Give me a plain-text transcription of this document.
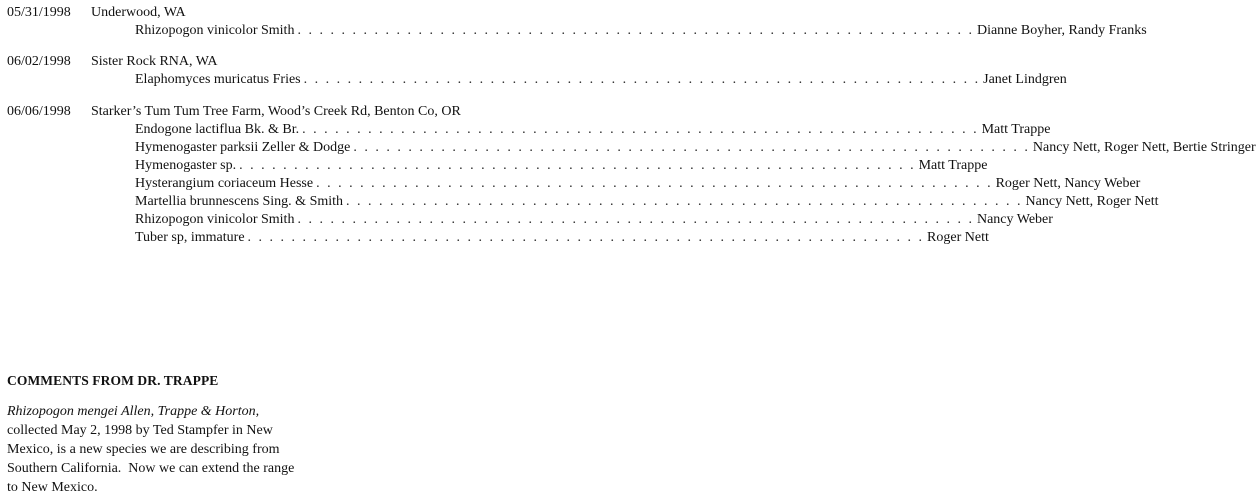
05/31/1998 Underwood, WA
Rhizopogon vinicolor Smith . . . . . . . . . . . . . . . . . . . . . . . . . . . . . . . . . . . . . . . . . . . . . . . . . . . . . . . . . . . . . . Dianne Boyher, Randy Franks
06/02/1998 Sister Rock RNA, WA
Elaphomyces muricatus Fries . . . . . . . . . . . . . . . . . . . . . . . . . . . . . . . . . . . . . . . . . . . . . . . . . . . . . . . . . . . . . . Janet Lindgren
06/06/1998 Starker’s Tum Tum Tree Farm, Wood’s Creek Rd, Benton Co, OR
Endogone lactiflua Bk. & Br. . . . . . . . . . . . . . . . . . . . . . . . . . . . . . . . . . . . . . . . . . . . . . . . . . . . . . . . . . . . . . . Matt Trappe
Hymenogaster parksii Zeller & Dodge . . . . . . . . . . . . . . . . . . . . . . . . . . . . . . . . . . . . . . . . . . . . . . . . . . . . . . . . . . . . . . Nancy Nett, Roger Nett, Bertie Stringer
Hymenogaster sp. . . . . . . . . . . . . . . . . . . . . . . . . . . . . . . . . . . . . . . . . . . . . . . . . . . . . . . . . . . . . . . Matt Trappe
Hysterangium coriaceum Hesse . . . . . . . . . . . . . . . . . . . . . . . . . . . . . . . . . . . . . . . . . . . . . . . . . . . . . . . . . . . . . . Roger Nett, Nancy Weber
Martellia brunnescens Sing. & Smith . . . . . . . . . . . . . . . . . . . . . . . . . . . . . . . . . . . . . . . . . . . . . . . . . . . . . . . . . . . . . . Nancy Nett, Roger Nett
Rhizopogon vinicolor Smith . . . . . . . . . . . . . . . . . . . . . . . . . . . . . . . . . . . . . . . . . . . . . . . . . . . . . . . . . . . . . . Nancy Weber
Tuber sp, immature . . . . . . . . . . . . . . . . . . . . . . . . . . . . . . . . . . . . . . . . . . . . . . . . . . . . . . . . . . . . . . Roger Nett
COMMENTS FROM DR. TRAPPE

Rhizopogon mengei Allen, Trappe & Horton,

collected May 2, 1998 by Ted Stampfer in New

Mexico, is a new species we are describing from

Southern California.  Now we can extend the range

to New Mexico.
